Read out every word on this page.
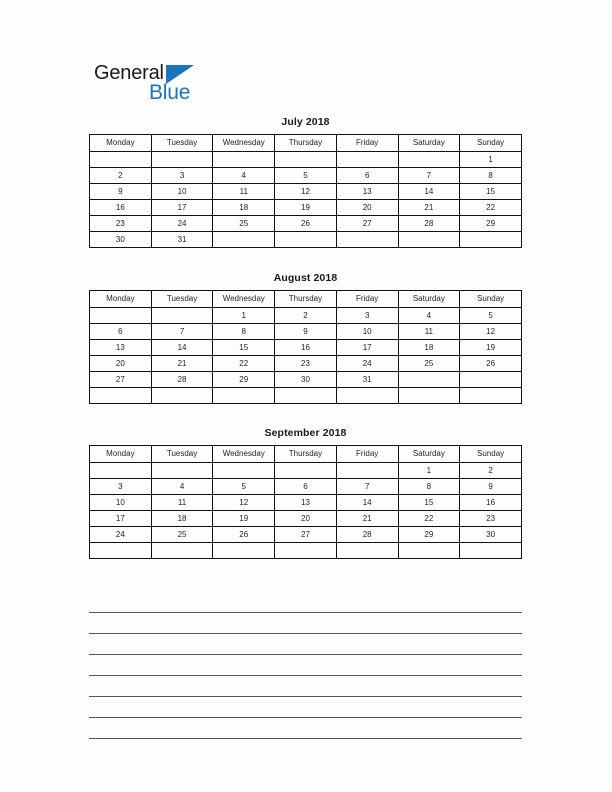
General
Blue
July 2018
Monday	Tuesday	Wednesday	Thursday	Friday	Saturday	Sunday
						1
2	3	4	5	6	7	8
9	10	11	12	13	14	15
16	17	18	19	20	21	22
23	24	25	26	27	28	29
30	31					
August 2018
Monday	Tuesday	Wednesday	Thursday	Friday	Saturday	Sunday
		1	2	3	4	5
6	7	8	9	10	11	12
13	14	15	16	17	18	19
20	21	22	23	24	25	26
27	28	29	30	31		

September 2018
Monday	Tuesday	Wednesday	Thursday	Friday	Saturday	Sunday
					1	2
3	4	5	6	7	8	9
10	11	12	13	14	15	16
17	18	19	20	21	22	23
24	25	26	27	28	29	30
